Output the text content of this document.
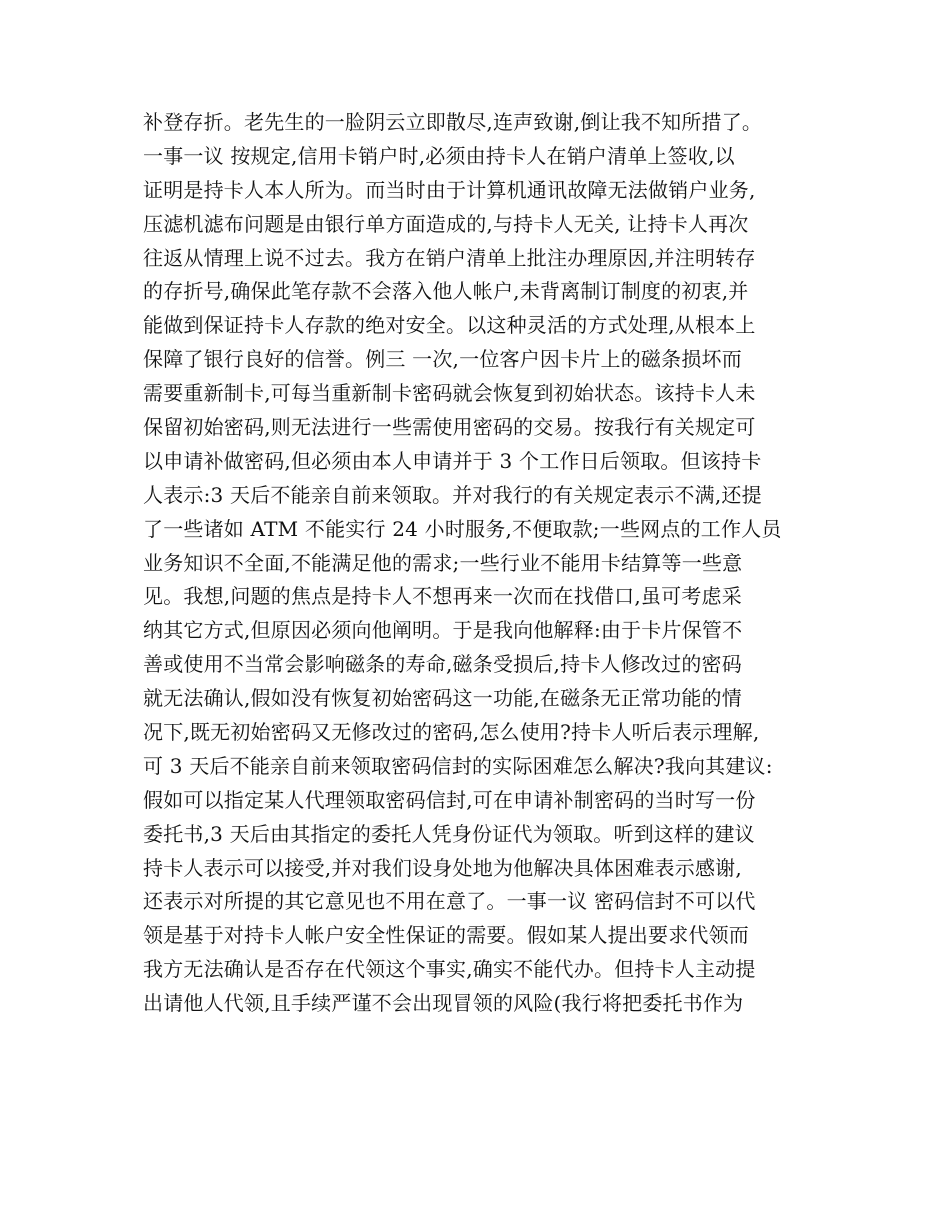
补登存折。老先生的一脸阴云立即散尽,连声致谢,倒让我不知所措了。
一事一议 按规定,信用卡销户时,必须由持卡人在销户清单上签收,以
证明是持卡人本人所为。而当时由于计算机通讯故障无法做销户业务,
压滤机滤布问题是由银行单方面造成的,与持卡人无关, 让持卡人再次
往返从情理上说不过去。我方在销户清单上批注办理原因,并注明转存
的存折号,确保此笔存款不会落入他人帐户,未背离制订制度的初衷,并
能做到保证持卡人存款的绝对安全。以这种灵活的方式处理,从根本上
保障了银行良好的信誉。例三 一次,一位客户因卡片上的磁条损坏而
需要重新制卡,可每当重新制卡密码就会恢复到初始状态。该持卡人未
保留初始密码,则无法进行一些需使用密码的交易。按我行有关规定可
以申请补做密码,但必须由本人申请并于 3 个工作日后领取。但该持卡
人表示:3 天后不能亲自前来领取。并对我行的有关规定表示不满,还提
了一些诸如 ATM 不能实行 24 小时服务,不便取款;一些网点的工作人员
业务知识不全面,不能满足他的需求;一些行业不能用卡结算等一些意
见。我想,问题的焦点是持卡人不想再来一次而在找借口,虽可考虑采
纳其它方式,但原因必须向他阐明。于是我向他解释:由于卡片保管不
善或使用不当常会影响磁条的寿命,磁条受损后,持卡人修改过的密码
就无法确认,假如没有恢复初始密码这一功能,在磁条无正常功能的情
况下,既无初始密码又无修改过的密码,怎么使用?持卡人听后表示理解,
可 3 天后不能亲自前来领取密码信封的实际困难怎么解决?我向其建议:
假如可以指定某人代理领取密码信封,可在申请补制密码的当时写一份
委托书,3 天后由其指定的委托人凭身份证代为领取。听到这样的建议
持卡人表示可以接受,并对我们设身处地为他解决具体困难表示感谢,
还表示对所提的其它意见也不用在意了。一事一议 密码信封不可以代
领是基于对持卡人帐户安全性保证的需要。假如某人提出要求代领而
我方无法确认是否存在代领这个事实,确实不能代办。但持卡人主动提
出请他人代领,且手续严谨不会出现冒领的风险(我行将把委托书作为
